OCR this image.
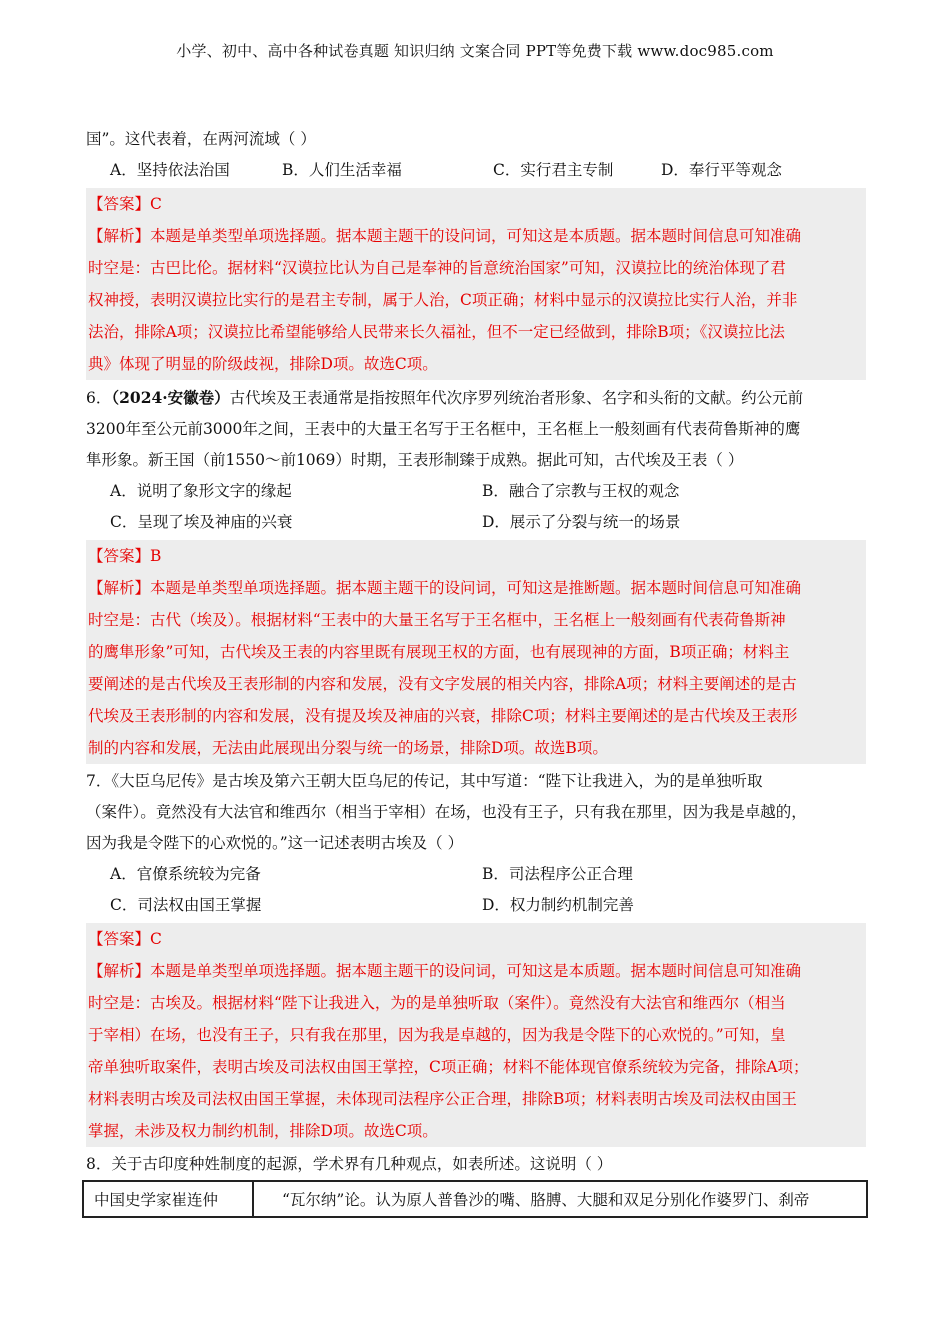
小学、初中、高中各种试卷真题 知识归纳 文案合同 PPT等免费下载 www.doc985.com
国”。这代表着，在两河流域（ ）
A．坚持依法治国	B．人们生活幸福	C．实行君主专制	D．奉行平等观念
【答案】C
【解析】本题是单类型单项选择题。据本题主题干的设问词，可知这是本质题。据本题时间信息可知准确
时空是：古巴比伦。据材料“汉谟拉比认为自己是奉神的旨意统治国家”可知，汉谟拉比的统治体现了君
权神授，表明汉谟拉比实行的是君主专制，属于人治，C项正确；材料中显示的汉谟拉比实行人治，并非
法治，排除A项；汉谟拉比希望能够给人民带来长久福祉，但不一定已经做到，排除B项；《汉谟拉比法
典》体现了明显的阶级歧视，排除D项。故选C项。
6．（2024·安徽卷）古代埃及王表通常是指按照年代次序罗列统治者形象、名字和头衔的文献。约公元前
3200年至公元前3000年之间，王表中的大量王名写于王名框中，王名框上一般刻画有代表荷鲁斯神的鹰
隼形象。新王国（前1550～前1069）时期，王表形制臻于成熟。据此可知，古代埃及王表（ ）
A．说明了象形文字的缘起	B．融合了宗教与王权的观念
C．呈现了埃及神庙的兴衰	D．展示了分裂与统一的场景
【答案】B
【解析】本题是单类型单项选择题。据本题主题干的设问词，可知这是推断题。据本题时间信息可知准确
时空是：古代（埃及）。根据材料“王表中的大量王名写于王名框中，王名框上一般刻画有代表荷鲁斯神
的鹰隼形象”可知，古代埃及王表的内容里既有展现王权的方面，也有展现神的方面，B项正确；材料主
要阐述的是古代埃及王表形制的内容和发展，没有文字发展的相关内容，排除A项；材料主要阐述的是古
代埃及王表形制的内容和发展，没有提及埃及神庙的兴衰，排除C项；材料主要阐述的是古代埃及王表形
制的内容和发展，无法由此展现出分裂与统一的场景，排除D项。故选B项。
7．《大臣乌尼传》是古埃及第六王朝大臣乌尼的传记，其中写道：“陛下让我进入，为的是单独听取
（案件）。竟然没有大法官和维西尔（相当于宰相）在场，也没有王子，只有我在那里，因为我是卓越的，
因为我是令陛下的心欢悦的。”这一记述表明古埃及（ ）
A．官僚系统较为完备	B．司法程序公正合理
C．司法权由国王掌握	D．权力制约机制完善
【答案】C
【解析】本题是单类型单项选择题。据本题主题干的设问词，可知这是本质题。据本题时间信息可知准确
时空是：古埃及。根据材料“陛下让我进入，为的是单独听取（案件）。竟然没有大法官和维西尔（相当
于宰相）在场，也没有王子，只有我在那里，因为我是卓越的，因为我是令陛下的心欢悦的。”可知，皇
帝单独听取案件，表明古埃及司法权由国王掌控，C项正确；材料不能体现官僚系统较为完备，排除A项；
材料表明古埃及司法权由国王掌握，未体现司法程序公正合理，排除B项；材料表明古埃及司法权由国王
掌握，未涉及权力制约机制，排除D项。故选C项。
8．关于古印度种姓制度的起源，学术界有几种观点，如表所述。这说明（ ）
中国史学家崔连仲	“瓦尔纳”论。认为原人普鲁沙的嘴、胳膊、大腿和双足分别化作婆罗门、刹帝
